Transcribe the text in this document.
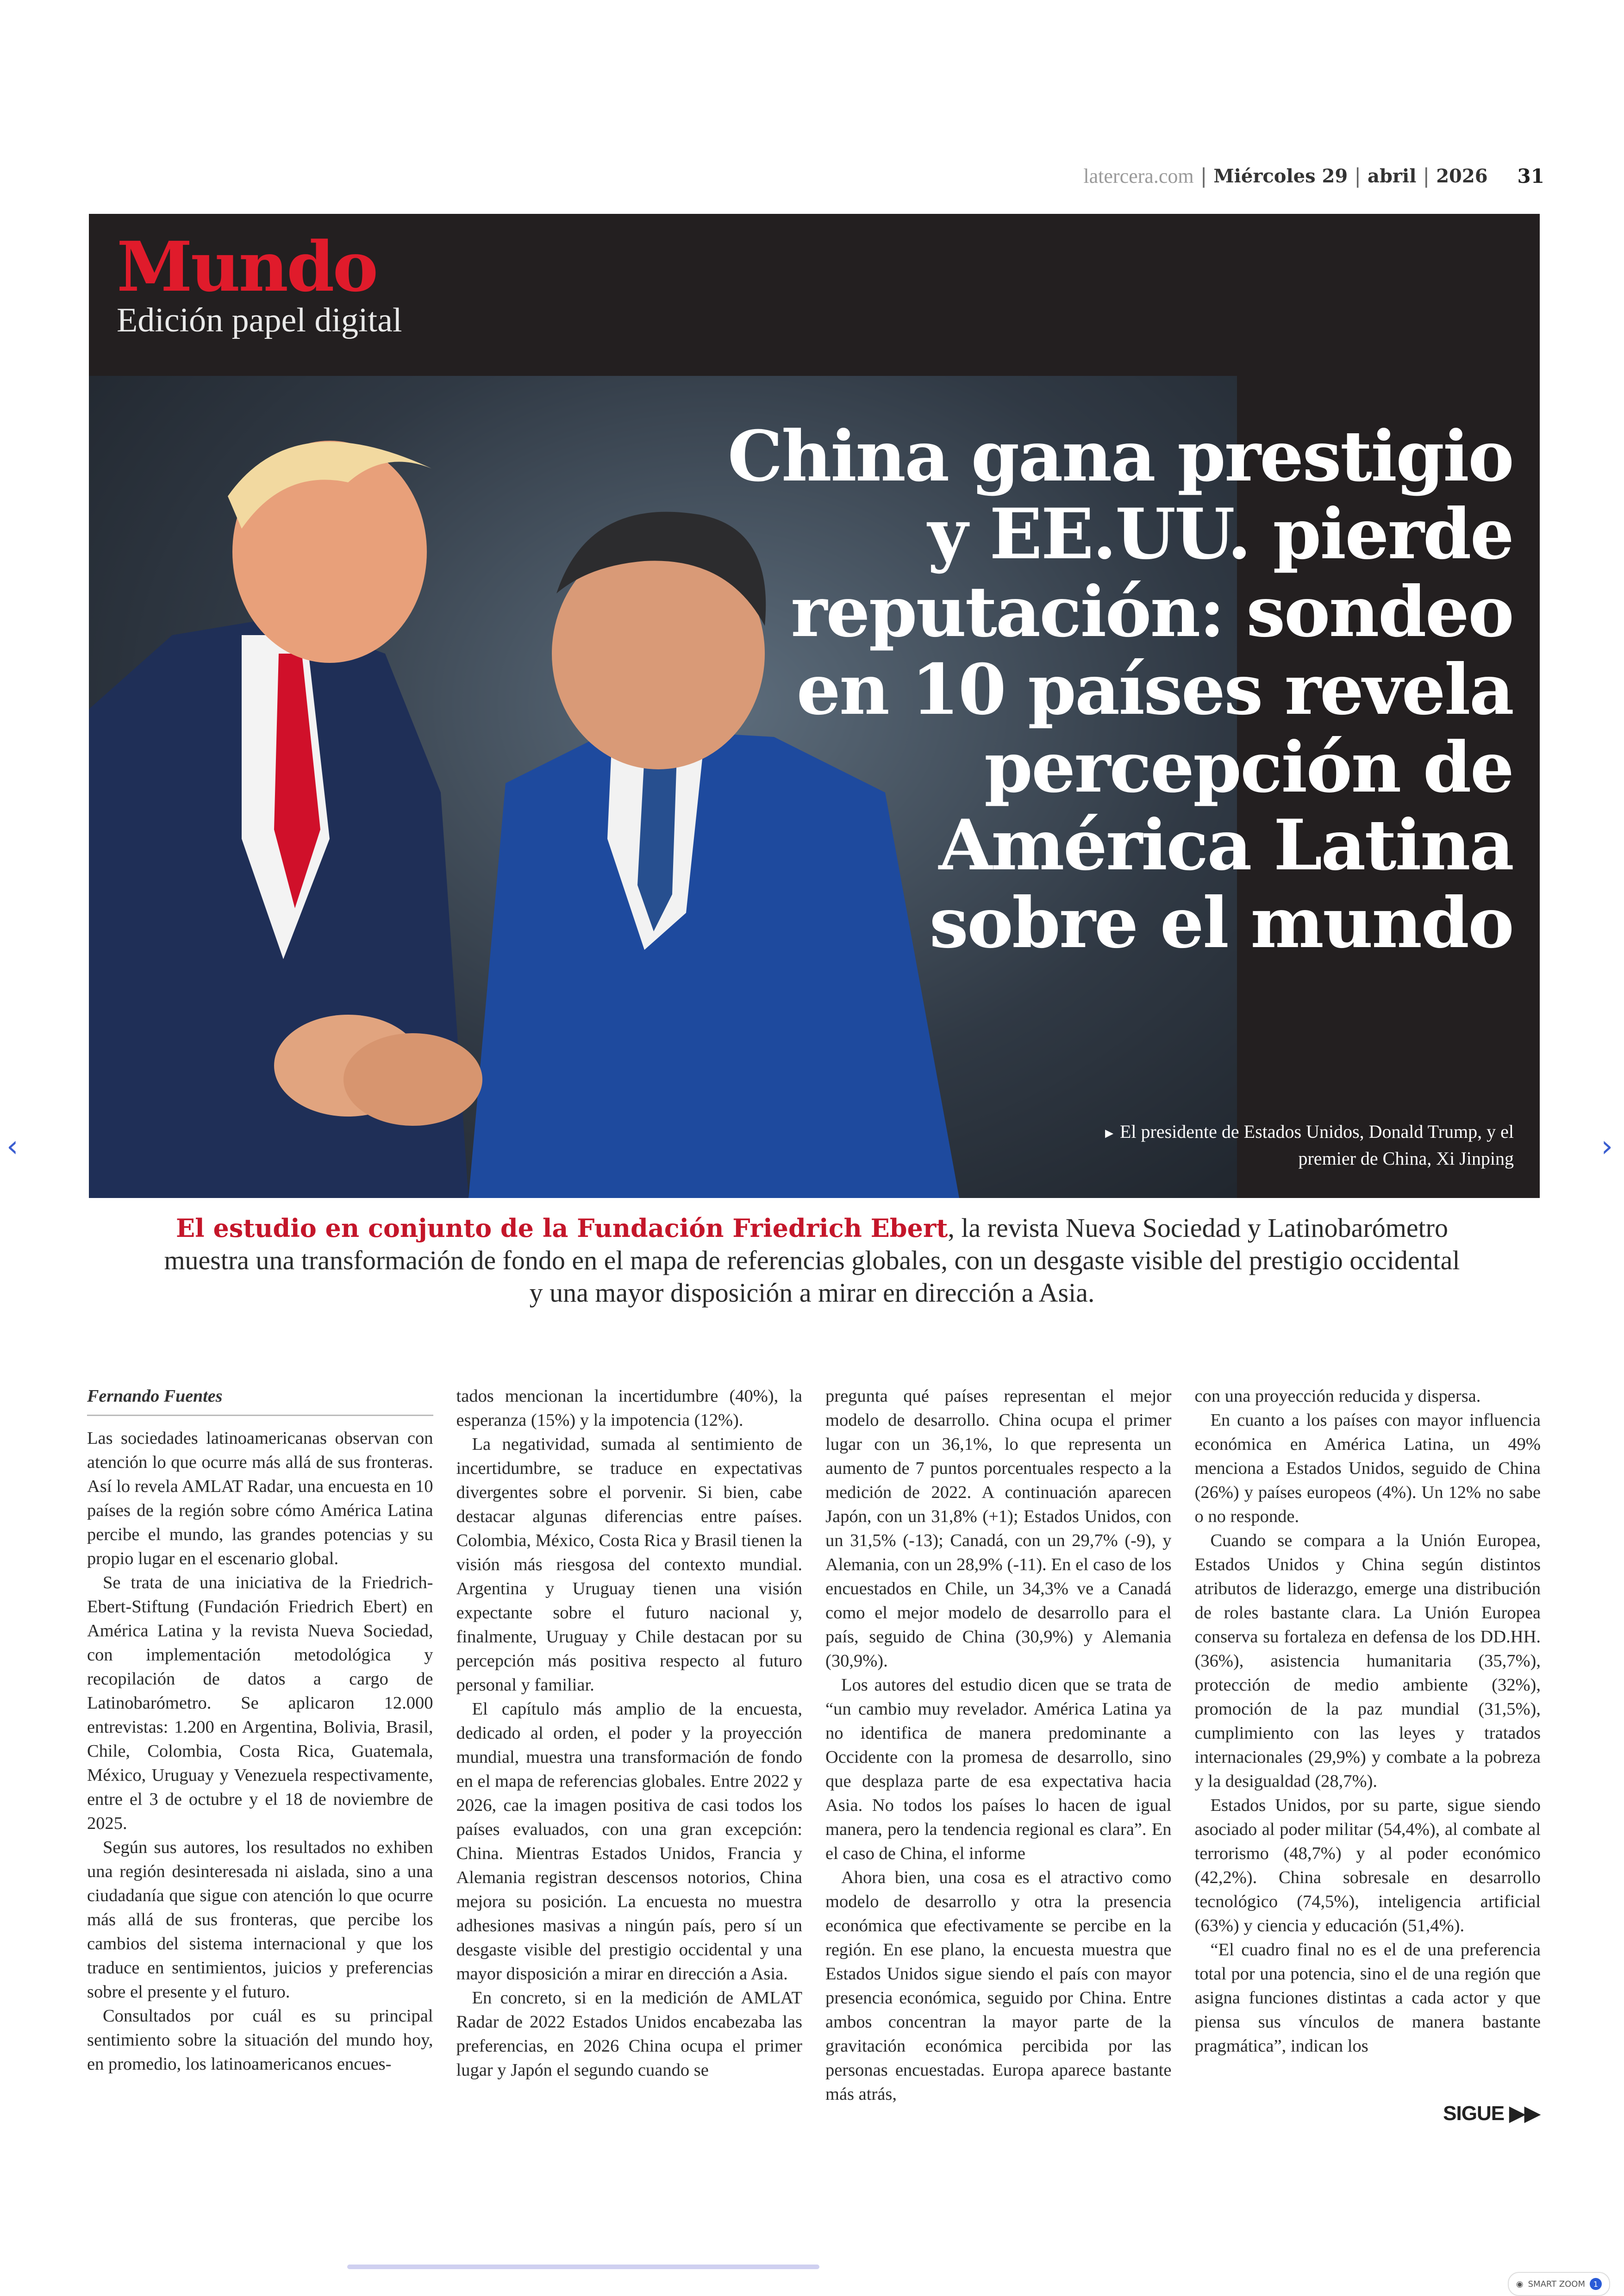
latercera.com | Miércoles 29 | abril | 2026 31
Mundo
Edición papel digital
China gana prestigio y EE.UU. pierde reputación: sondeo en 10 países revela percepción de América Latina sobre el mundo
► El presidente de Estados Unidos, Donald Trump, y el premier de China, Xi Jinping
El estudio en conjunto de la Fundación Friedrich Ebert, la revista Nueva Sociedad y Latinobarómetro muestra una transformación de fondo en el mapa de referencias globales, con un desgaste visible del prestigio occidental y una mayor disposición a mirar en dirección a Asia.
Fernando Fuentes

Las sociedades latinoamericanas observan con atención lo que ocurre más allá de sus fronteras. Así lo revela AMLAT Radar, una encuesta en 10 países de la región sobre cómo América Latina percibe el mundo, las grandes potencias y su propio lugar en el escenario global.

Se trata de una iniciativa de la Friedrich-Ebert-Stiftung (Fundación Friedrich Ebert) en América Latina y la revista Nueva Sociedad, con implementación metodológica y recopilación de datos a cargo de Latinobarómetro. Se aplicaron 12.000 entrevistas: 1.200 en Argentina, Bolivia, Brasil, Chile, Colombia, Costa Rica, Guatemala, México, Uruguay y Venezuela respectivamente, entre el 3 de octubre y el 18 de noviembre de 2025.

Según sus autores, los resultados no exhiben una región desinteresada ni aislada, sino a una ciudadanía que sigue con atención lo que ocurre más allá de sus fronteras, que percibe los cambios del sistema internacional y que los traduce en sentimientos, juicios y preferencias sobre el presente y el futuro.

Consultados por cuál es su principal sentimiento sobre la situación del mundo hoy, en promedio, los latinoamericanos encues-

tados mencionan la incertidumbre (40%), la esperanza (15%) y la impotencia (12%).

La negatividad, sumada al sentimiento de incertidumbre, se traduce en expectativas divergentes sobre el porvenir. Si bien, cabe destacar algunas diferencias entre países. Colombia, México, Costa Rica y Brasil tienen la visión más riesgosa del contexto mundial. Argentina y Uruguay tienen una visión expectante sobre el futuro nacional y, finalmente, Uruguay y Chile destacan por su percepción más positiva respecto al futuro personal y familiar.

El capítulo más amplio de la encuesta, dedicado al orden, el poder y la proyección mundial, muestra una transformación de fondo en el mapa de referencias globales. Entre 2022 y 2026, cae la imagen positiva de casi todos los países evaluados, con una gran excepción: China. Mientras Estados Unidos, Francia y Alemania registran descensos notorios, China mejora su posición. La encuesta no muestra adhesiones masivas a ningún país, pero sí un desgaste visible del prestigio occidental y una mayor disposición a mirar en dirección a Asia.

En concreto, si en la medición de AMLAT Radar de 2022 Estados Unidos encabezaba las preferencias, en 2026 China ocupa el primer lugar y Japón el segundo cuando se

pregunta qué países representan el mejor modelo de desarrollo. China ocupa el primer lugar con un 36,1%, lo que representa un aumento de 7 puntos porcentuales respecto a la medición de 2022. A continuación aparecen Japón, con un 31,8% (+1); Estados Unidos, con un 31,5% (-13); Canadá, con un 29,7% (-9), y Alemania, con un 28,9% (-11). En el caso de los encuestados en Chile, un 34,3% ve a Canadá como el mejor modelo de desarrollo para el país, seguido de China (30,9%) y Alemania (30,9%).

Los autores del estudio dicen que se trata de “un cambio muy revelador. América Latina ya no identifica de manera predominante a Occidente con la promesa de desarrollo, sino que desplaza parte de esa expectativa hacia Asia. No todos los países lo hacen de igual manera, pero la tendencia regional es clara”. En el caso de China, el informe

Ahora bien, una cosa es el atractivo como modelo de desarrollo y otra la presencia económica que efectivamente se percibe en la región. En ese plano, la encuesta muestra que Estados Unidos sigue siendo el país con mayor presencia económica, seguido por China. Entre ambos concentran la mayor parte de la gravitación económica percibida por las personas encuestadas. Europa aparece bastante más atrás,

con una proyección reducida y dispersa.

En cuanto a los países con mayor influencia económica en América Latina, un 49% menciona a Estados Unidos, seguido de China (26%) y países europeos (4%). Un 12% no sabe o no responde.

Cuando se compara a la Unión Europea, Estados Unidos y China según distintos atributos de liderazgo, emerge una distribución de roles bastante clara. La Unión Europea conserva su fortaleza en defensa de los DD.HH. (36%), asistencia humanitaria (35,7%), protección de medio ambiente (32%), promoción de la paz mundial (31,5%), cumplimiento con las leyes y tratados internacionales (29,9%) y combate a la pobreza y la desigualdad (28,7%).

Estados Unidos, por su parte, sigue siendo asociado al poder militar (54,4%), al combate al terrorismo (48,7%) y al poder económico (42,2%). China sobresale en desarrollo tecnológico (74,5%), inteligencia artificial (63%) y ciencia y educación (51,4%).

“El cuadro final no es el de una preferencia total por una potencia, sino el de una región que asigna funciones distintas a cada actor y que piensa sus vínculos de manera bastante pragmática”, indican los

SIGUE ▶▶
‹	›
◉ SMART ZOOM	1
